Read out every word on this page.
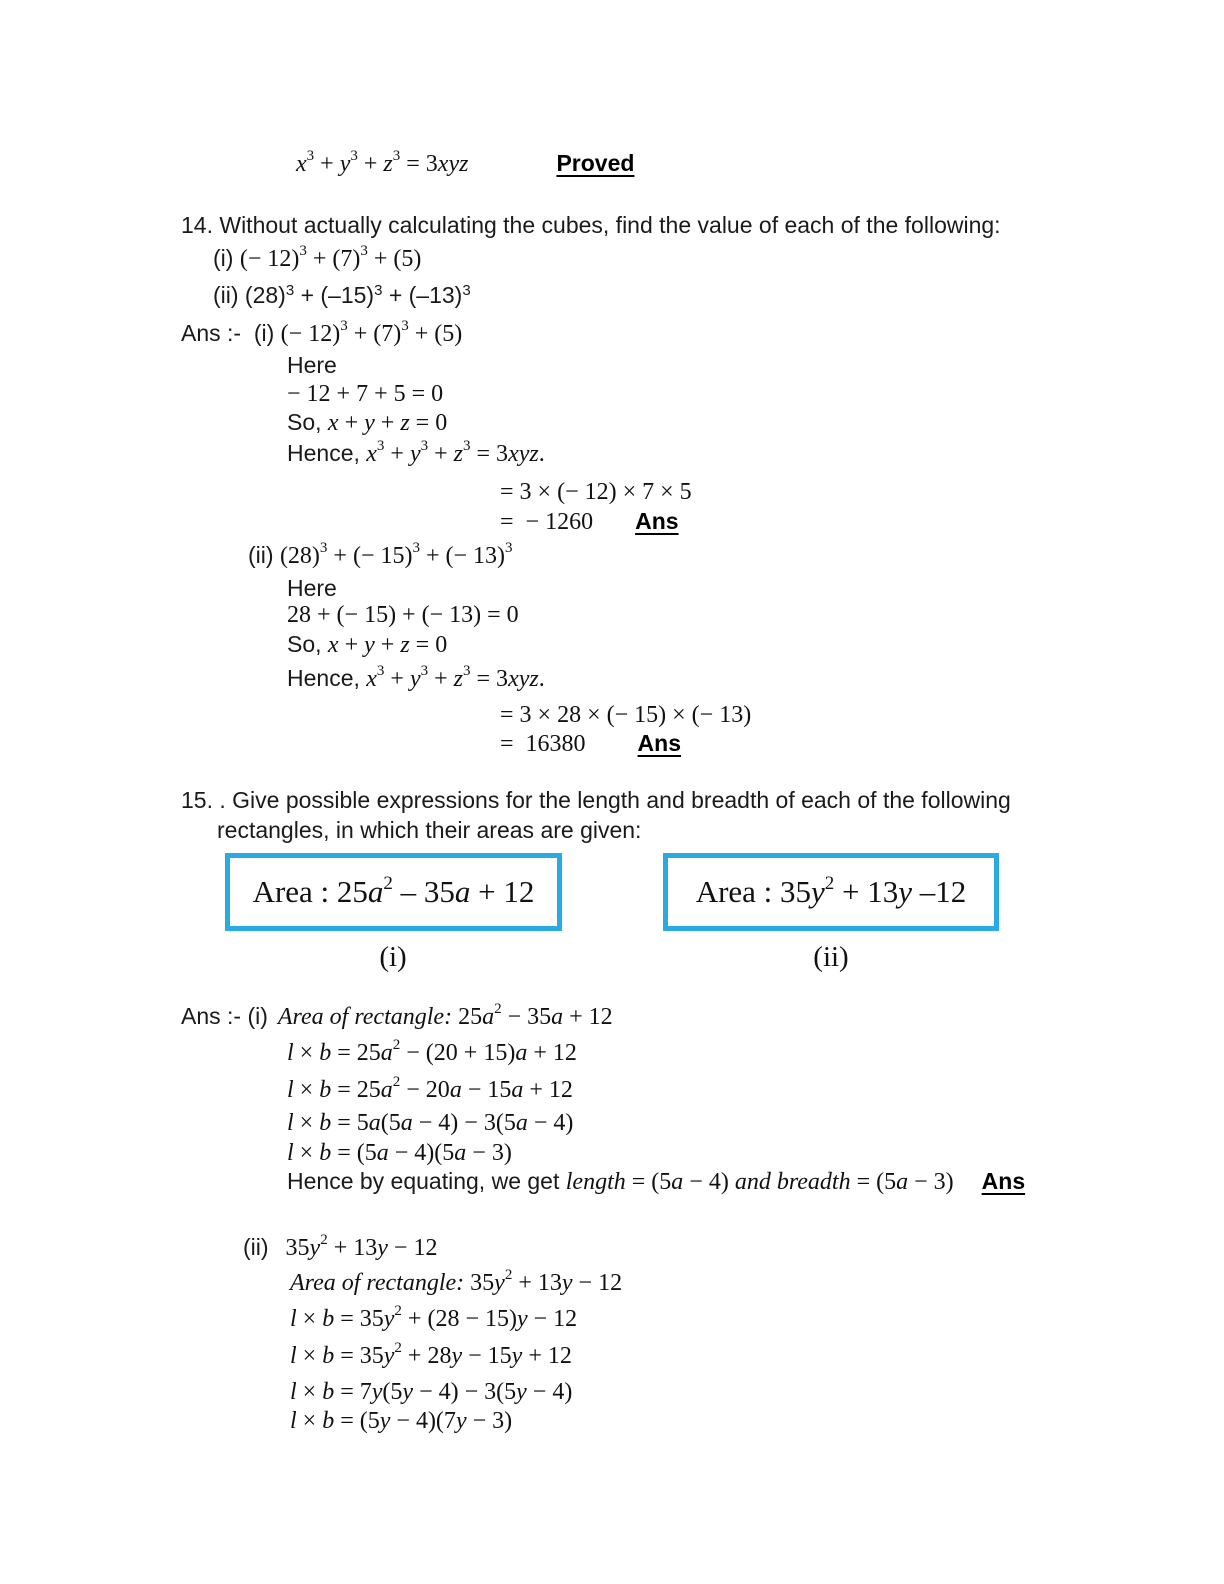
x3 + y3 + z3 = 3xyz	Proved
14. Without actually calculating the cubes, find the value of each of the following:
(i) (− 12)3 + (7)3 + (5)
(ii) (28)3 + (–15)3 + (–13)3
Ans :-  (i) (− 12)3 + (7)3 + (5)
Here
− 12 + 7 + 5 = 0
So, x + y + z = 0
Hence, x3 + y3 + z3 = 3xyz.
= 3 × (− 12) × 7 × 5
=  − 1260 Ans
(ii) (28)3 + (− 15)3 + (− 13)3
Here
28 + (− 15) + (− 13) = 0
So, x + y + z = 0
Hence, x3 + y3 + z3 = 3xyz.
= 3 × 28 × (− 15) × (− 13)
=  16380 Ans
15. . Give possible expressions for the length and breadth of each of the following
rectangles, in which their areas are given:
Ans :- (i) Area of rectangle: 25a2 − 35a + 12
l × b = 25a2 − (20 + 15)a + 12
l × b = 25a2 − 20a − 15a + 12
l × b = 5a(5a − 4) − 3(5a − 4)
l × b = (5a − 4)(5a − 3)
Hence by equating, we get length = (5a − 4) and breadth = (5a − 3) Ans
(ii) 35y2 + 13y − 12
Area of rectangle: 35y2 + 13y − 12
l × b = 35y2 + (28 − 15)y − 12
l × b = 35y2 + 28y − 15y + 12
l × b = 7y(5y − 4) − 3(5y − 4)
l × b = (5y − 4)(7y − 3)
Area : 25a2 – 35a + 12
(i)
Area : 35y2 + 13y –12
(ii)
